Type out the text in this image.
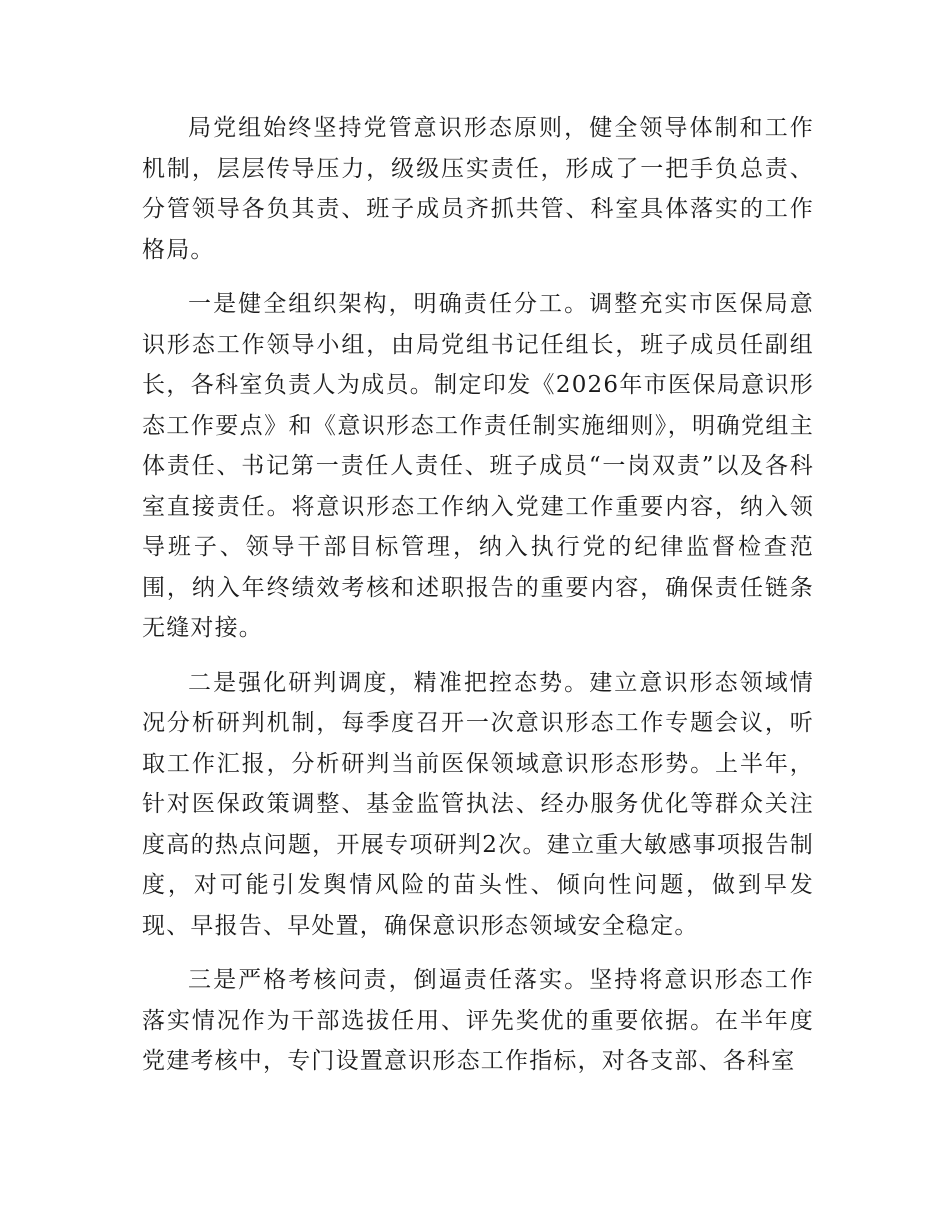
局党组始终坚持党管意识形态原则，健全领导体制和工作机制，层层传导压力，级级压实责任，形成了一把手负总责、分管领导各负其责、班子成员齐抓共管、科室具体落实的工作格局。

一是健全组织架构，明确责任分工。调整充实市医保局意识形态工作领导小组，由局党组书记任组长，班子成员任副组长，各科室负责人为成员。制定印发《2026年市医保局意识形态工作要点》和《意识形态工作责任制实施细则》，明确党组主体责任、书记第一责任人责任、班子成员“一岗双责”以及各科室直接责任。将意识形态工作纳入党建工作重要内容，纳入领导班子、领导干部目标管理，纳入执行党的纪律监督检查范围，纳入年终绩效考核和述职报告的重要内容，确保责任链条无缝对接。

二是强化研判调度，精准把控态势。建立意识形态领域情况分析研判机制，每季度召开一次意识形态工作专题会议，听取工作汇报，分析研判当前医保领域意识形态形势。上半年，针对医保政策调整、基金监管执法、经办服务优化等群众关注度高的热点问题，开展专项研判2次。建立重大敏感事项报告制度，对可能引发舆情风险的苗头性、倾向性问题，做到早发现、早报告、早处置，确保意识形态领域安全稳定。

三是严格考核问责，倒逼责任落实。坚持将意识形态工作落实情况作为干部选拔任用、评先奖优的重要依据。在半年度党建考核中，专门设置意识形态工作指标，对各支部、各科室
